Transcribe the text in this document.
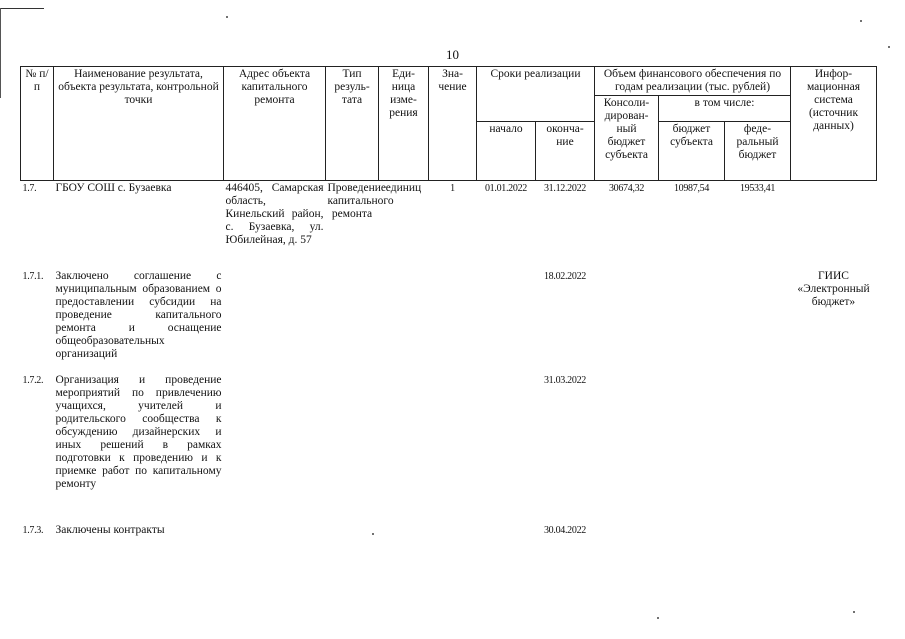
10
№ п/п	Наименование результата, объекта результата, контрольной точки	Адрес объекта капитального ремонта	Тип резуль-тата	Еди-ница изме-рения	Зна-чение	Сроки реализации		Объем финансового обеспечения по годам реализации (тыс. рублей)			Инфор-мационная система (источник данных)
								Консоли-дирован-ный бюджет субъекта	в том числе:		
						начало	оконча-ние		бюджет субъекта	феде-ральный бюджет	
1.7.	ГБОУ СОШ с. Бузаевка	446405, Самарская область, Кинельский район, с. Бузаевка, ул. Юбилейная, д. 57	Проведение капитального ремонта	единиц	1	01.01.2022	31.12.2022	30674,32	10987,54	19533,41	
1.7.1.	Заключено соглашение с муниципальным образованием о предоставлении субсидии на проведение капитального ремонта и оснащение общеобразовательных организаций						18.02.2022				ГИИС «Электронный бюджет»
1.7.2.	Организация и проведение мероприятий по привлечению учащихся, учителей и родительского сообщества к обсуждению дизайнерских и иных решений в рамках подготовки к проведению и к приемке работ по капитальному ремонту						31.03.2022				
1.7.3.	Заключены контракты						30.04.2022				
